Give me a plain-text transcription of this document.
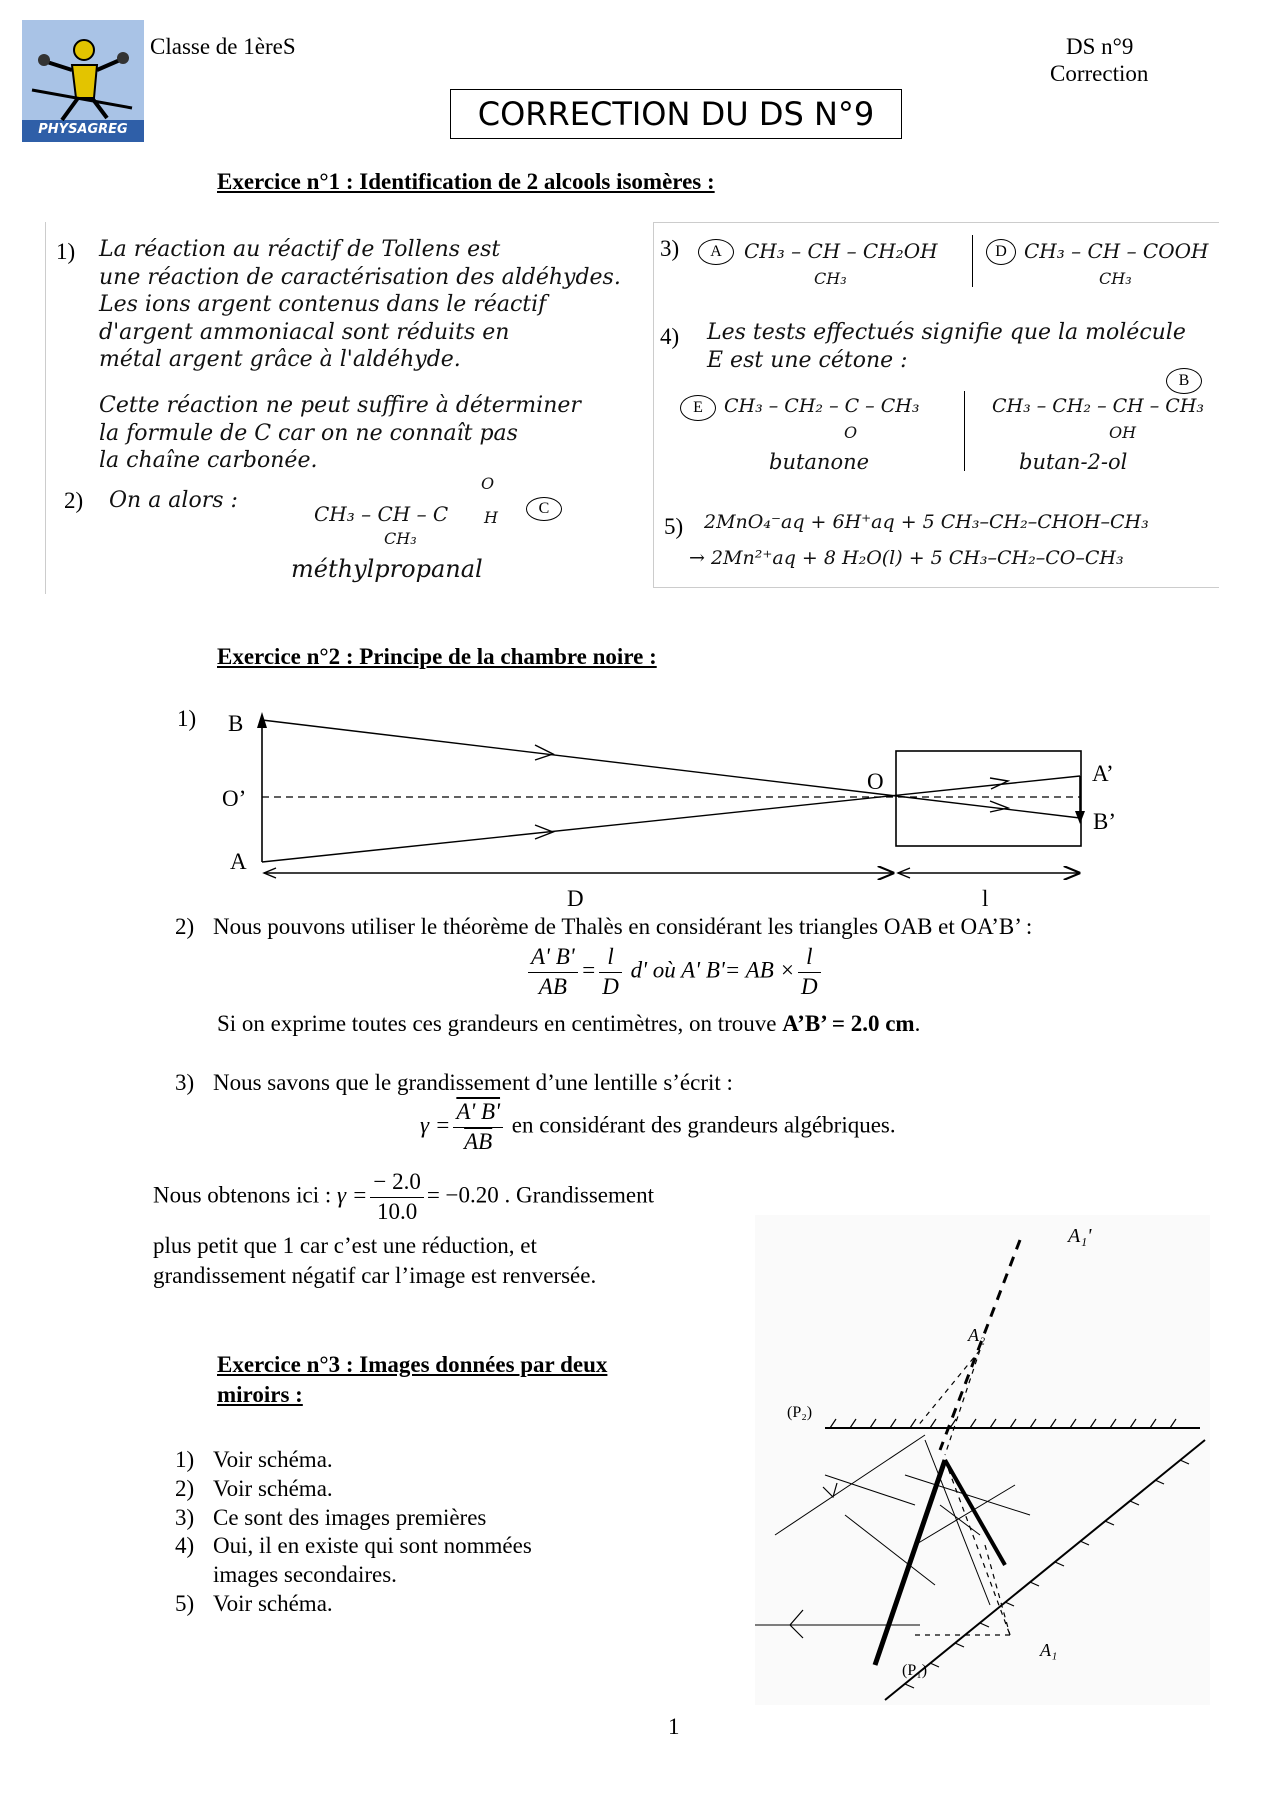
PHYSAGREG
Classe de 1èreS	DS n°9
Correction
CORRECTION DU DS N°9
Exercice n°1 : Identification de 2 alcools isomères :
1) La réaction au réactif de Tollens est
une réaction de caractérisation des aldéhydes.
Les ions argent contenus dans le réactif
d'argent ammoniacal sont réduits en
métal argent grâce à l'aldéhyde.
Cette réaction ne peut suffire à déterminer
la formule de C car on ne connaît pas
la chaîne carbonée.
2) On a alors :
CH₃ – CH – C
O
H
CH₃
C
méthylpropanal
3)	A	CH₃ – CH – CH₂OH
CH₃
D CH₃ – CH – COOH
CH₃
4) Les tests effectués signifie que la molécule
E est une cétone :
B
E	CH₃ – CH₂ – C – CH₃
O
butanone
CH₃ – CH₂ – CH – CH₃
OH
butan-2-ol
5) 2MnO₄⁻aq + 6H⁺aq + 5 CH₃–CH₂–CHOH–CH₃
→ 2Mn²⁺aq + 8 H₂O(l) + 5 CH₃–CH₂–CO–CH₃
Exercice n°2 : Principe de la chambre noire :
1) B
O’
A
O	A’
B’
D	l
2) Nous pouvons utiliser le théorème de Thalès en considérant les triangles OAB et OA’B’ :
$\frac{A' B'}{AB} = \frac{l}{D} d'$ où A' B'= AB × $\frac{l}{D}$
Si on exprime toutes ces grandeurs en centimètres, on trouve A’B’ = 2.0 cm.
3) Nous savons que le grandissement d’une lentille s’écrit :
$\gamma = \frac{A' B'}{AB}$ en considérant des grandeurs algébriques.
Nous obtenons ici : $\gamma = \frac{- 2.0}{10.0} = -0.20$ . Grandissement
plus petit que 1 car c’est une réduction, et
grandissement négatif car l’image est renversée.
Exercice n°3 : Images données par deux
miroirs :
1) Voir schéma.
2) Voir schéma.
3) Ce sont des images premières
4) Oui, il en existe qui sont nommées images secondaires.
5) Voir schéma.
(P₂)
(P₁)
A₁'
A₂
A₁
1
